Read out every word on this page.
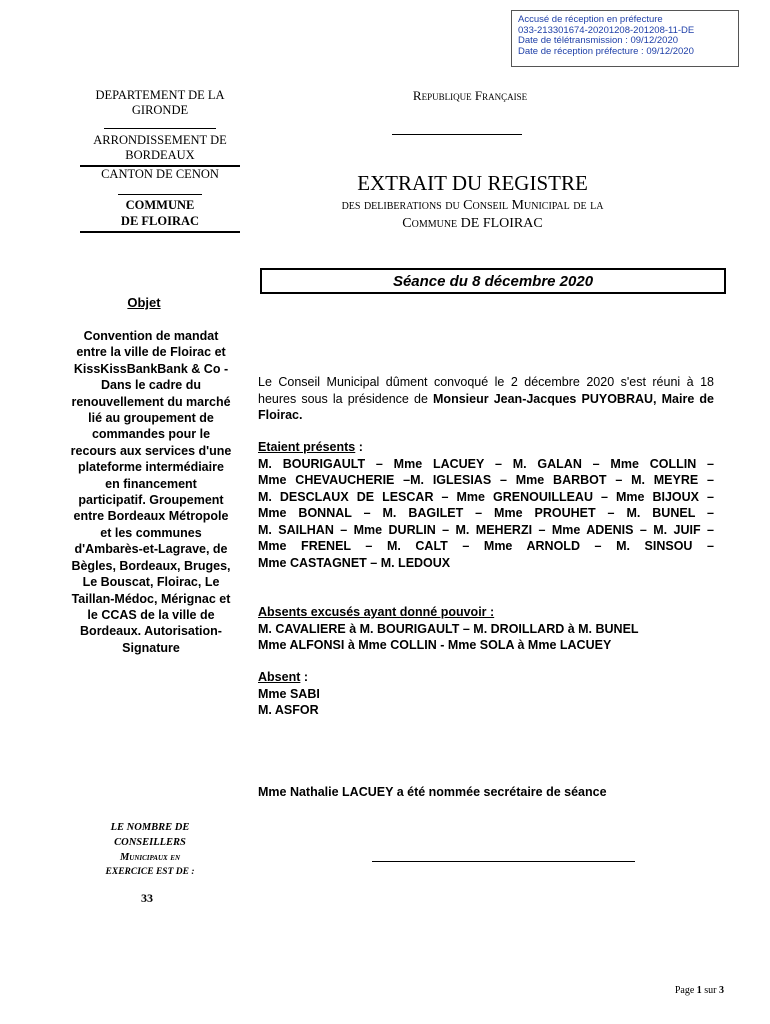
Accusé de réception en préfecture
033-213301674-20201208-201208-11-DE
Date de télétransmission : 09/12/2020
Date de réception préfecture : 09/12/2020
DEPARTEMENT DE LA GIRONDE
ARRONDISSEMENT DE BORDEAUX
CANTON DE CENON
COMMUNE
DE FLOIRAC
Republique Française
EXTRAIT DU REGISTRE
des deliberations du Conseil Municipal de la
Commune DE FLOIRAC
Séance du 8 décembre 2020
Objet
Convention de mandat entre la ville de Floirac et KissKissBankBank & Co - Dans le cadre du renouvellement du marché lié au groupement de commandes pour le recours aux services d'une plateforme intermédiaire en financement participatif. Groupement entre Bordeaux Métropole et les communes d'Ambarès-et-Lagrave, de Bègles, Bordeaux, Bruges, Le Bouscat, Floirac, Le Taillan-Médoc, Mérignac et le CCAS de la ville de Bordeaux. Autorisation-Signature
LE NOMBRE DE
CONSEILLERS
Municipaux en
EXERCICE EST DE :
33
Le Conseil Municipal dûment convoqué le 2 décembre 2020 s'est réuni à 18 heures sous la présidence de Monsieur Jean-Jacques PUYOBRAU, Maire de Floirac.
Etaient présents :
M. BOURIGAULT – Mme LACUEY – M. GALAN – Mme COLLIN –
Mme CHEVAUCHERIE –M. IGLESIAS – Mme BARBOT – M. MEYRE –
M. DESCLAUX DE LESCAR – Mme GRENOUILLEAU – Mme BIJOUX –
Mme BONNAL – M. BAGILET – Mme PROUHET – M. BUNEL –
M. SAILHAN – Mme DURLIN – M. MEHERZI – Mme ADENIS – M. JUIF –
Mme FRENEL – M. CALT – Mme ARNOLD – M. SINSOU –
Mme CASTAGNET – M. LEDOUX
Absents excusés ayant donné pouvoir :
M. CAVALIERE à M. BOURIGAULT – M. DROILLARD à M. BUNEL
Mme ALFONSI à Mme COLLIN - Mme SOLA à Mme LACUEY
Absent :
Mme SABI
M. ASFOR
Mme Nathalie LACUEY a été nommée secrétaire de séance
Page 1 sur 3
